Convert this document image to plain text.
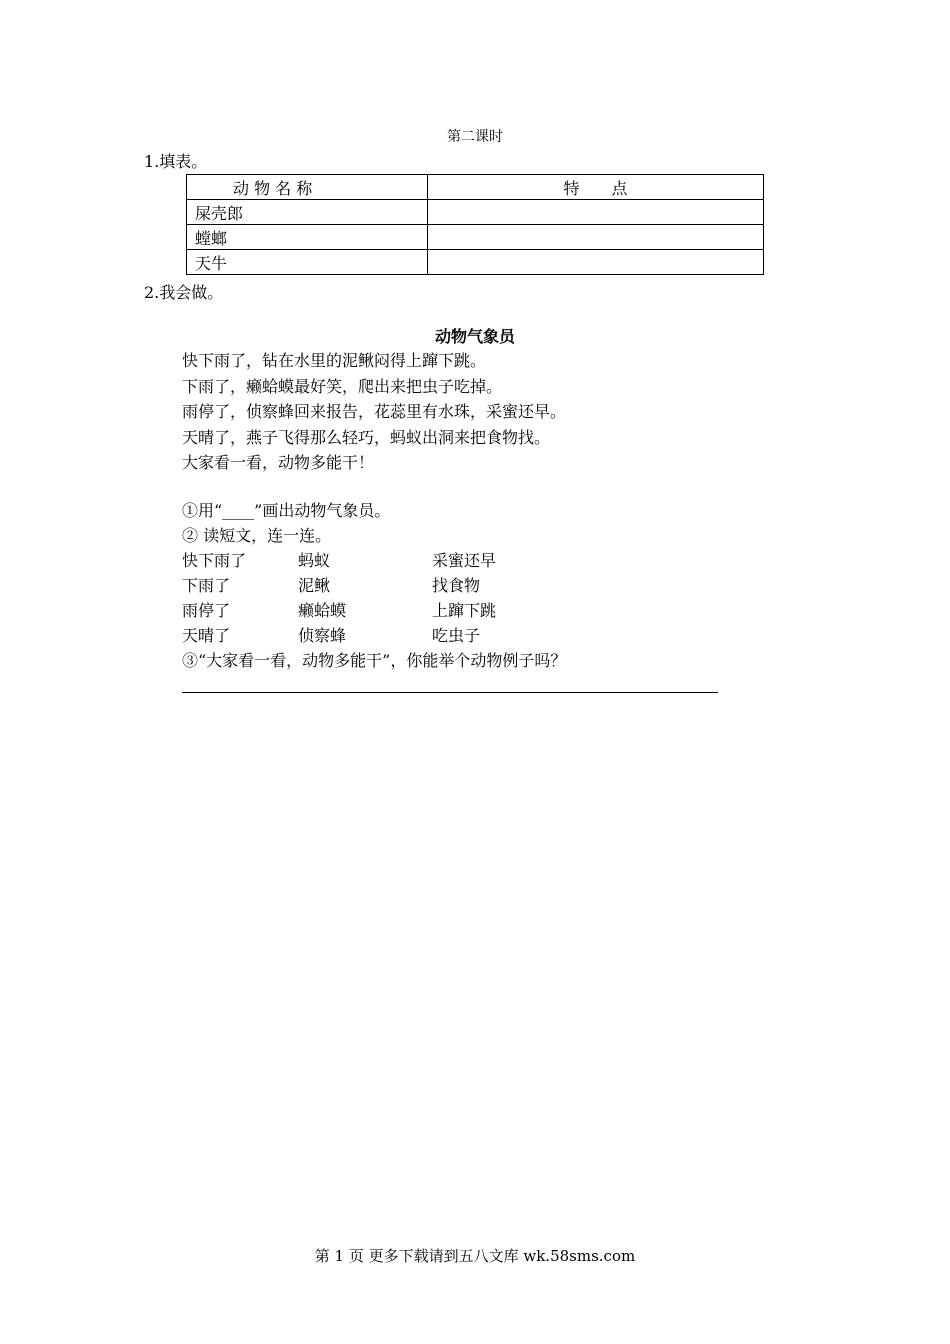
第二课时
1.填表。
动 物 名 称	特　　点
屎壳郎	
螳螂	
天牛	
2.我会做。
动物气象员
快下雨了，钻在水里的泥鳅闷得上蹿下跳。
下雨了，癞蛤蟆最好笑，爬出来把虫子吃掉。
雨停了，侦察蜂回来报告，花蕊里有水珠，采蜜还早。
天晴了，燕子飞得那么轻巧，蚂蚁出洞来把食物找。
大家看一看，动物多能干！
①用“____”画出动物气象员。
② 读短文，连一连。
快下雨了	蚂蚁	采蜜还早
下雨了	泥鳅	找食物
雨停了	癞蛤蟆	上蹿下跳
天晴了	侦察蜂	吃虫子
③“大家看一看，动物多能干”，你能举个动物例子吗？
第 1 页 更多下载请到五八文库 wk.58sms.com
